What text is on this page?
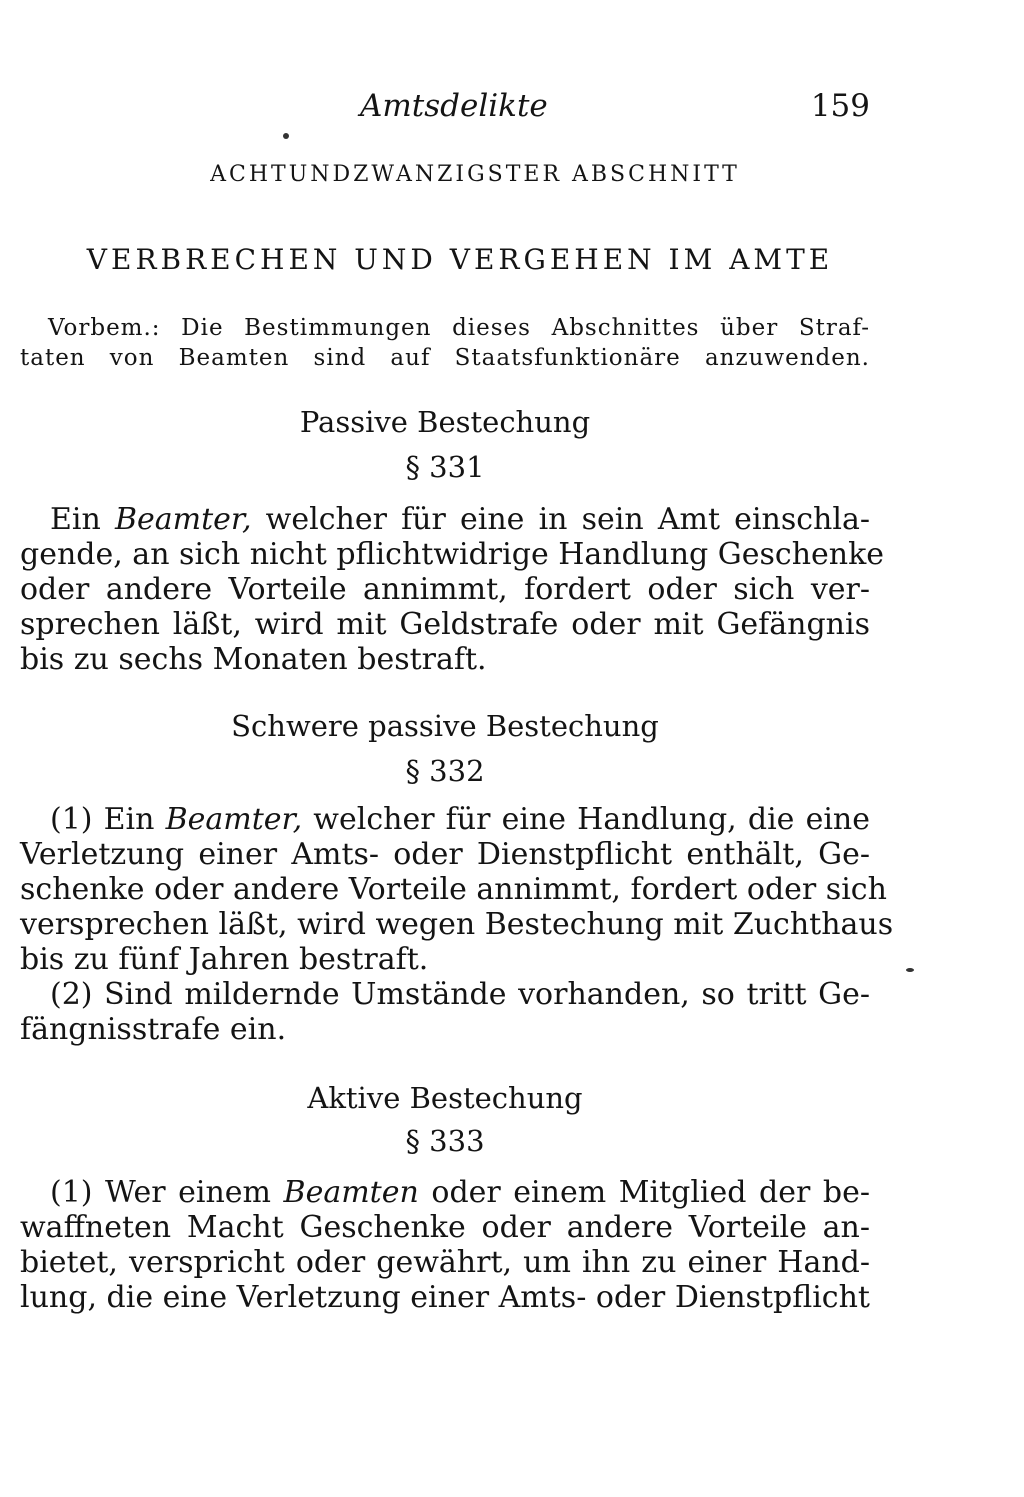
Amtsdelikte	159
ACHTUNDZWANZIGSTER ABSCHNITT
VERBRECHEN UND VERGEHEN IM AMTE
Vorbem.: Die Bestimmungen dieses Abschnittes über Straf-
taten von Beamten sind auf Staatsfunktionäre anzuwenden.
Passive Bestechung
§ 331
Ein Beamter, welcher für eine in sein Amt einschla-
gende, an sich nicht pflichtwidrige Handlung Geschenke
oder andere Vorteile annimmt, fordert oder sich ver-
sprechen läßt, wird mit Geldstrafe oder mit Gefängnis
bis zu sechs Monaten bestraft.
Schwere passive Bestechung
§ 332
(1) Ein Beamter, welcher für eine Handlung, die eine
Verletzung einer Amts- oder Dienstpflicht enthält, Ge-
schenke oder andere Vorteile annimmt, fordert oder sich
versprechen läßt, wird wegen Bestechung mit Zuchthaus
bis zu fünf Jahren bestraft.
(2) Sind mildernde Umstände vorhanden, so tritt Ge-
fängnisstrafe ein.
Aktive Bestechung
§ 333
(1) Wer einem Beamten oder einem Mitglied der be-
waffneten Macht Geschenke oder andere Vorteile an-
bietet, verspricht oder gewährt, um ihn zu einer Hand-
lung, die eine Verletzung einer Amts- oder Dienstpflicht
